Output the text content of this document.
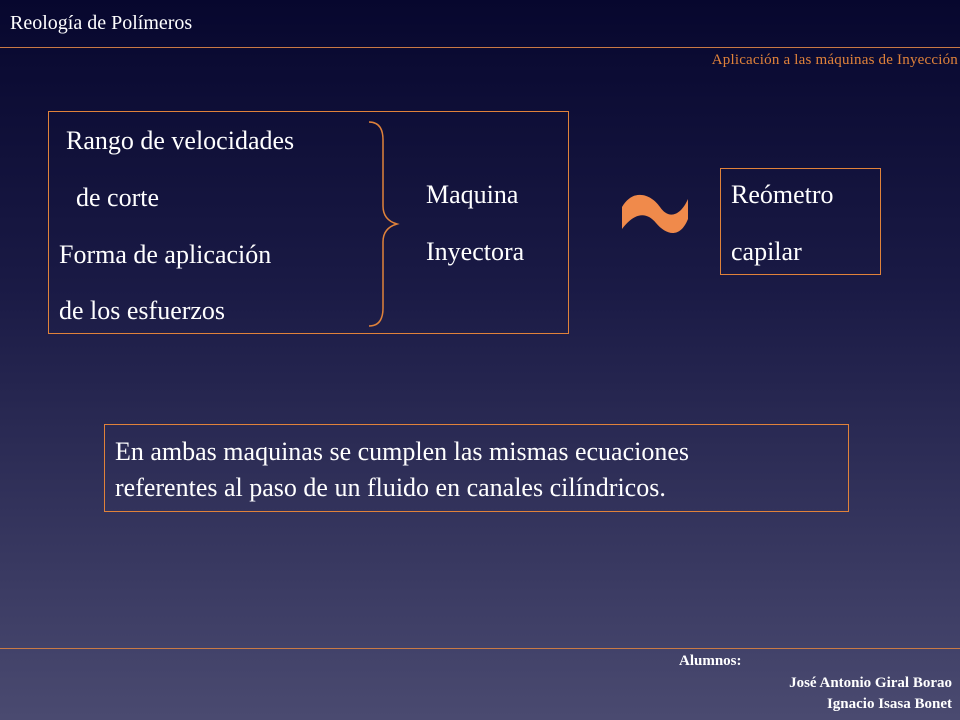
Reología de Polímeros
Aplicación a las máquinas de Inyección
Rango de velocidades
de corte
Forma de aplicación
de los esfuerzos
Maquina
Inyectora
Reómetro
capilar
En ambas maquinas se cumplen las mismas ecuaciones
referentes al paso de un fluido en canales cilíndricos.
Alumnos:
José Antonio Giral Borao
Ignacio Isasa Bonet
